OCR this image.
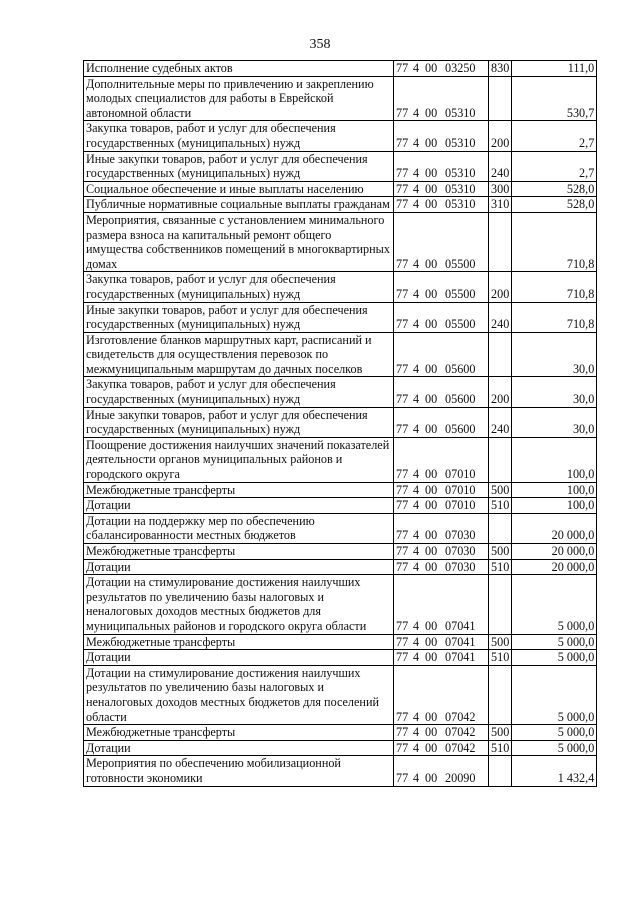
358
Исполнение судебных актов	77 4 00 03250	830	111,0
Дополнительные меры по привлечению и закреплению молодых специалистов для работы в Еврейской автономной области	77 4 00 05310		530,7
Закупка товаров, работ и услуг для обеспечения государственных (муниципальных) нужд	77 4 00 05310	200	2,7
Иные закупки товаров, работ и услуг для обеспечения государственных (муниципальных) нужд	77 4 00 05310	240	2,7
Социальное обеспечение и иные выплаты населению	77 4 00 05310	300	528,0
Публичные нормативные социальные выплаты гражданам	77 4 00 05310	310	528,0
Мероприятия, связанные с установлением минимального размера взноса на капитальный ремонт общего имущества собственников помещений в многоквартирных домах	77 4 00 05500		710,8
Закупка товаров, работ и услуг для обеспечения государственных (муниципальных) нужд	77 4 00 05500	200	710,8
Иные закупки товаров, работ и услуг для обеспечения государственных (муниципальных) нужд	77 4 00 05500	240	710,8
Изготовление бланков маршрутных карт, расписаний и свидетельств для осуществления перевозок по межмуниципальным маршрутам до дачных поселков	77 4 00 05600		30,0
Закупка товаров, работ и услуг для обеспечения государственных (муниципальных) нужд	77 4 00 05600	200	30,0
Иные закупки товаров, работ и услуг для обеспечения государственных (муниципальных) нужд	77 4 00 05600	240	30,0
Поощрение достижения наилучших значений показателей деятельности органов муниципальных районов и городского округа	77 4 00 07010		100,0
Межбюджетные трансферты	77 4 00 07010	500	100,0
Дотации	77 4 00 07010	510	100,0
Дотации на поддержку мер по обеспечению сбалансированности местных бюджетов	77 4 00 07030		20 000,0
Межбюджетные трансферты	77 4 00 07030	500	20 000,0
Дотации	77 4 00 07030	510	20 000,0
Дотации на стимулирование достижения наилучших результатов по увеличению базы налоговых и неналоговых доходов местных бюджетов для муниципальных районов и городского округа области	77 4 00 07041		5 000,0
Межбюджетные трансферты	77 4 00 07041	500	5 000,0
Дотации	77 4 00 07041	510	5 000,0
Дотации на стимулирование достижения наилучших результатов по увеличению базы налоговых и неналоговых доходов местных бюджетов для поселений области	77 4 00 07042		5 000,0
Межбюджетные трансферты	77 4 00 07042	500	5 000,0
Дотации	77 4 00 07042	510	5 000,0
Мероприятия по обеспечению мобилизационной готовности экономики	77 4 00 20090		1 432,4
